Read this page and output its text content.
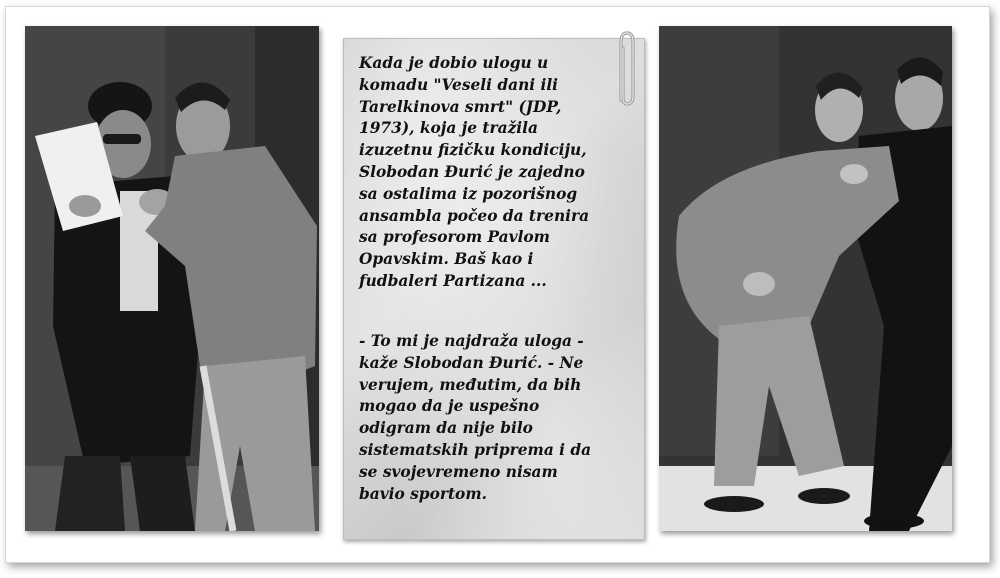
Kada je dobio ulogu u
komadu "Veseli dani ili
Tarelkinova smrt" (JDP,
1973), koja je tražila
izuzetnu fizičku kondiciju,
Slobodan Đurić je zajedno
sa ostalima iz pozorišnog
ansambla počeo da trenira
sa profesorom Pavlom
Opavskim. Baš kao i
fudbaleri Partizana ...

- To mi je najdraža uloga -
kaže Slobodan Đurić. - Ne
verujem, međutim, da bih
mogao da je uspešno
odigram da nije bilo
sistematskih priprema i da
se svojevremeno nisam
bavio sportom.
